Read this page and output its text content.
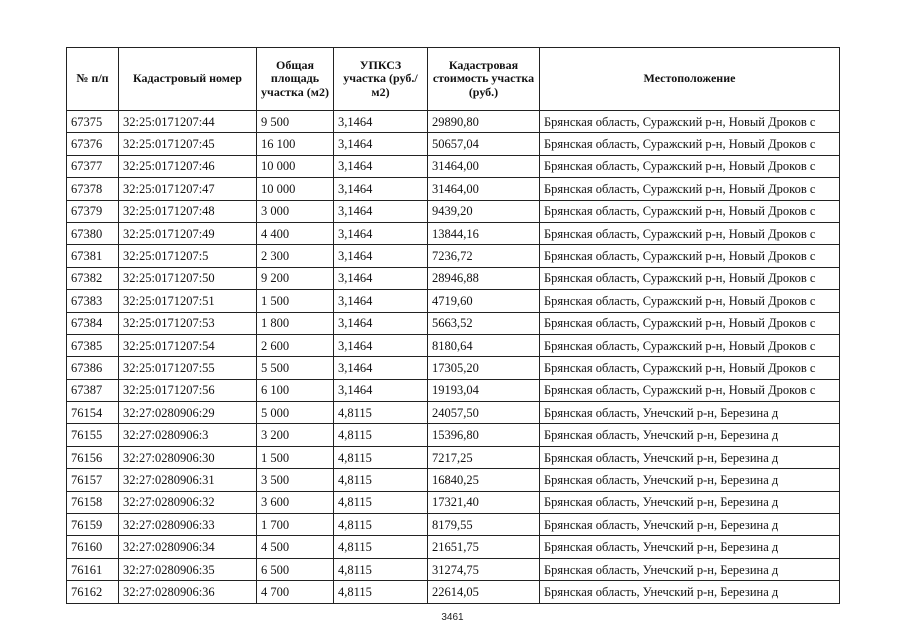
№ п/п	Кадастровый номер	Общая площадь участка (м2)	УПКСЗ участка (руб./м2)	Кадастровая стоимость участка (руб.)	Местоположение
67375	32:25:0171207:44	9 500	3,1464	29890,80	Брянская область, Суражский р-н, Новый Дроков с
67376	32:25:0171207:45	16 100	3,1464	50657,04	Брянская область, Суражский р-н, Новый Дроков с
67377	32:25:0171207:46	10 000	3,1464	31464,00	Брянская область, Суражский р-н, Новый Дроков с
67378	32:25:0171207:47	10 000	3,1464	31464,00	Брянская область, Суражский р-н, Новый Дроков с
67379	32:25:0171207:48	3 000	3,1464	9439,20	Брянская область, Суражский р-н, Новый Дроков с
67380	32:25:0171207:49	4 400	3,1464	13844,16	Брянская область, Суражский р-н, Новый Дроков с
67381	32:25:0171207:5	2 300	3,1464	7236,72	Брянская область, Суражский р-н, Новый Дроков с
67382	32:25:0171207:50	9 200	3,1464	28946,88	Брянская область, Суражский р-н, Новый Дроков с
67383	32:25:0171207:51	1 500	3,1464	4719,60	Брянская область, Суражский р-н, Новый Дроков с
67384	32:25:0171207:53	1 800	3,1464	5663,52	Брянская область, Суражский р-н, Новый Дроков с
67385	32:25:0171207:54	2 600	3,1464	8180,64	Брянская область, Суражский р-н, Новый Дроков с
67386	32:25:0171207:55	5 500	3,1464	17305,20	Брянская область, Суражский р-н, Новый Дроков с
67387	32:25:0171207:56	6 100	3,1464	19193,04	Брянская область, Суражский р-н, Новый Дроков с
76154	32:27:0280906:29	5 000	4,8115	24057,50	Брянская область, Унечский р-н, Березина д
76155	32:27:0280906:3	3 200	4,8115	15396,80	Брянская область, Унечский р-н, Березина д
76156	32:27:0280906:30	1 500	4,8115	7217,25	Брянская область, Унечский р-н, Березина д
76157	32:27:0280906:31	3 500	4,8115	16840,25	Брянская область, Унечский р-н, Березина д
76158	32:27:0280906:32	3 600	4,8115	17321,40	Брянская область, Унечский р-н, Березина д
76159	32:27:0280906:33	1 700	4,8115	8179,55	Брянская область, Унечский р-н, Березина д
76160	32:27:0280906:34	4 500	4,8115	21651,75	Брянская область, Унечский р-н, Березина д
76161	32:27:0280906:35	6 500	4,8115	31274,75	Брянская область, Унечский р-н, Березина д
76162	32:27:0280906:36	4 700	4,8115	22614,05	Брянская область, Унечский р-н, Березина д
3461
